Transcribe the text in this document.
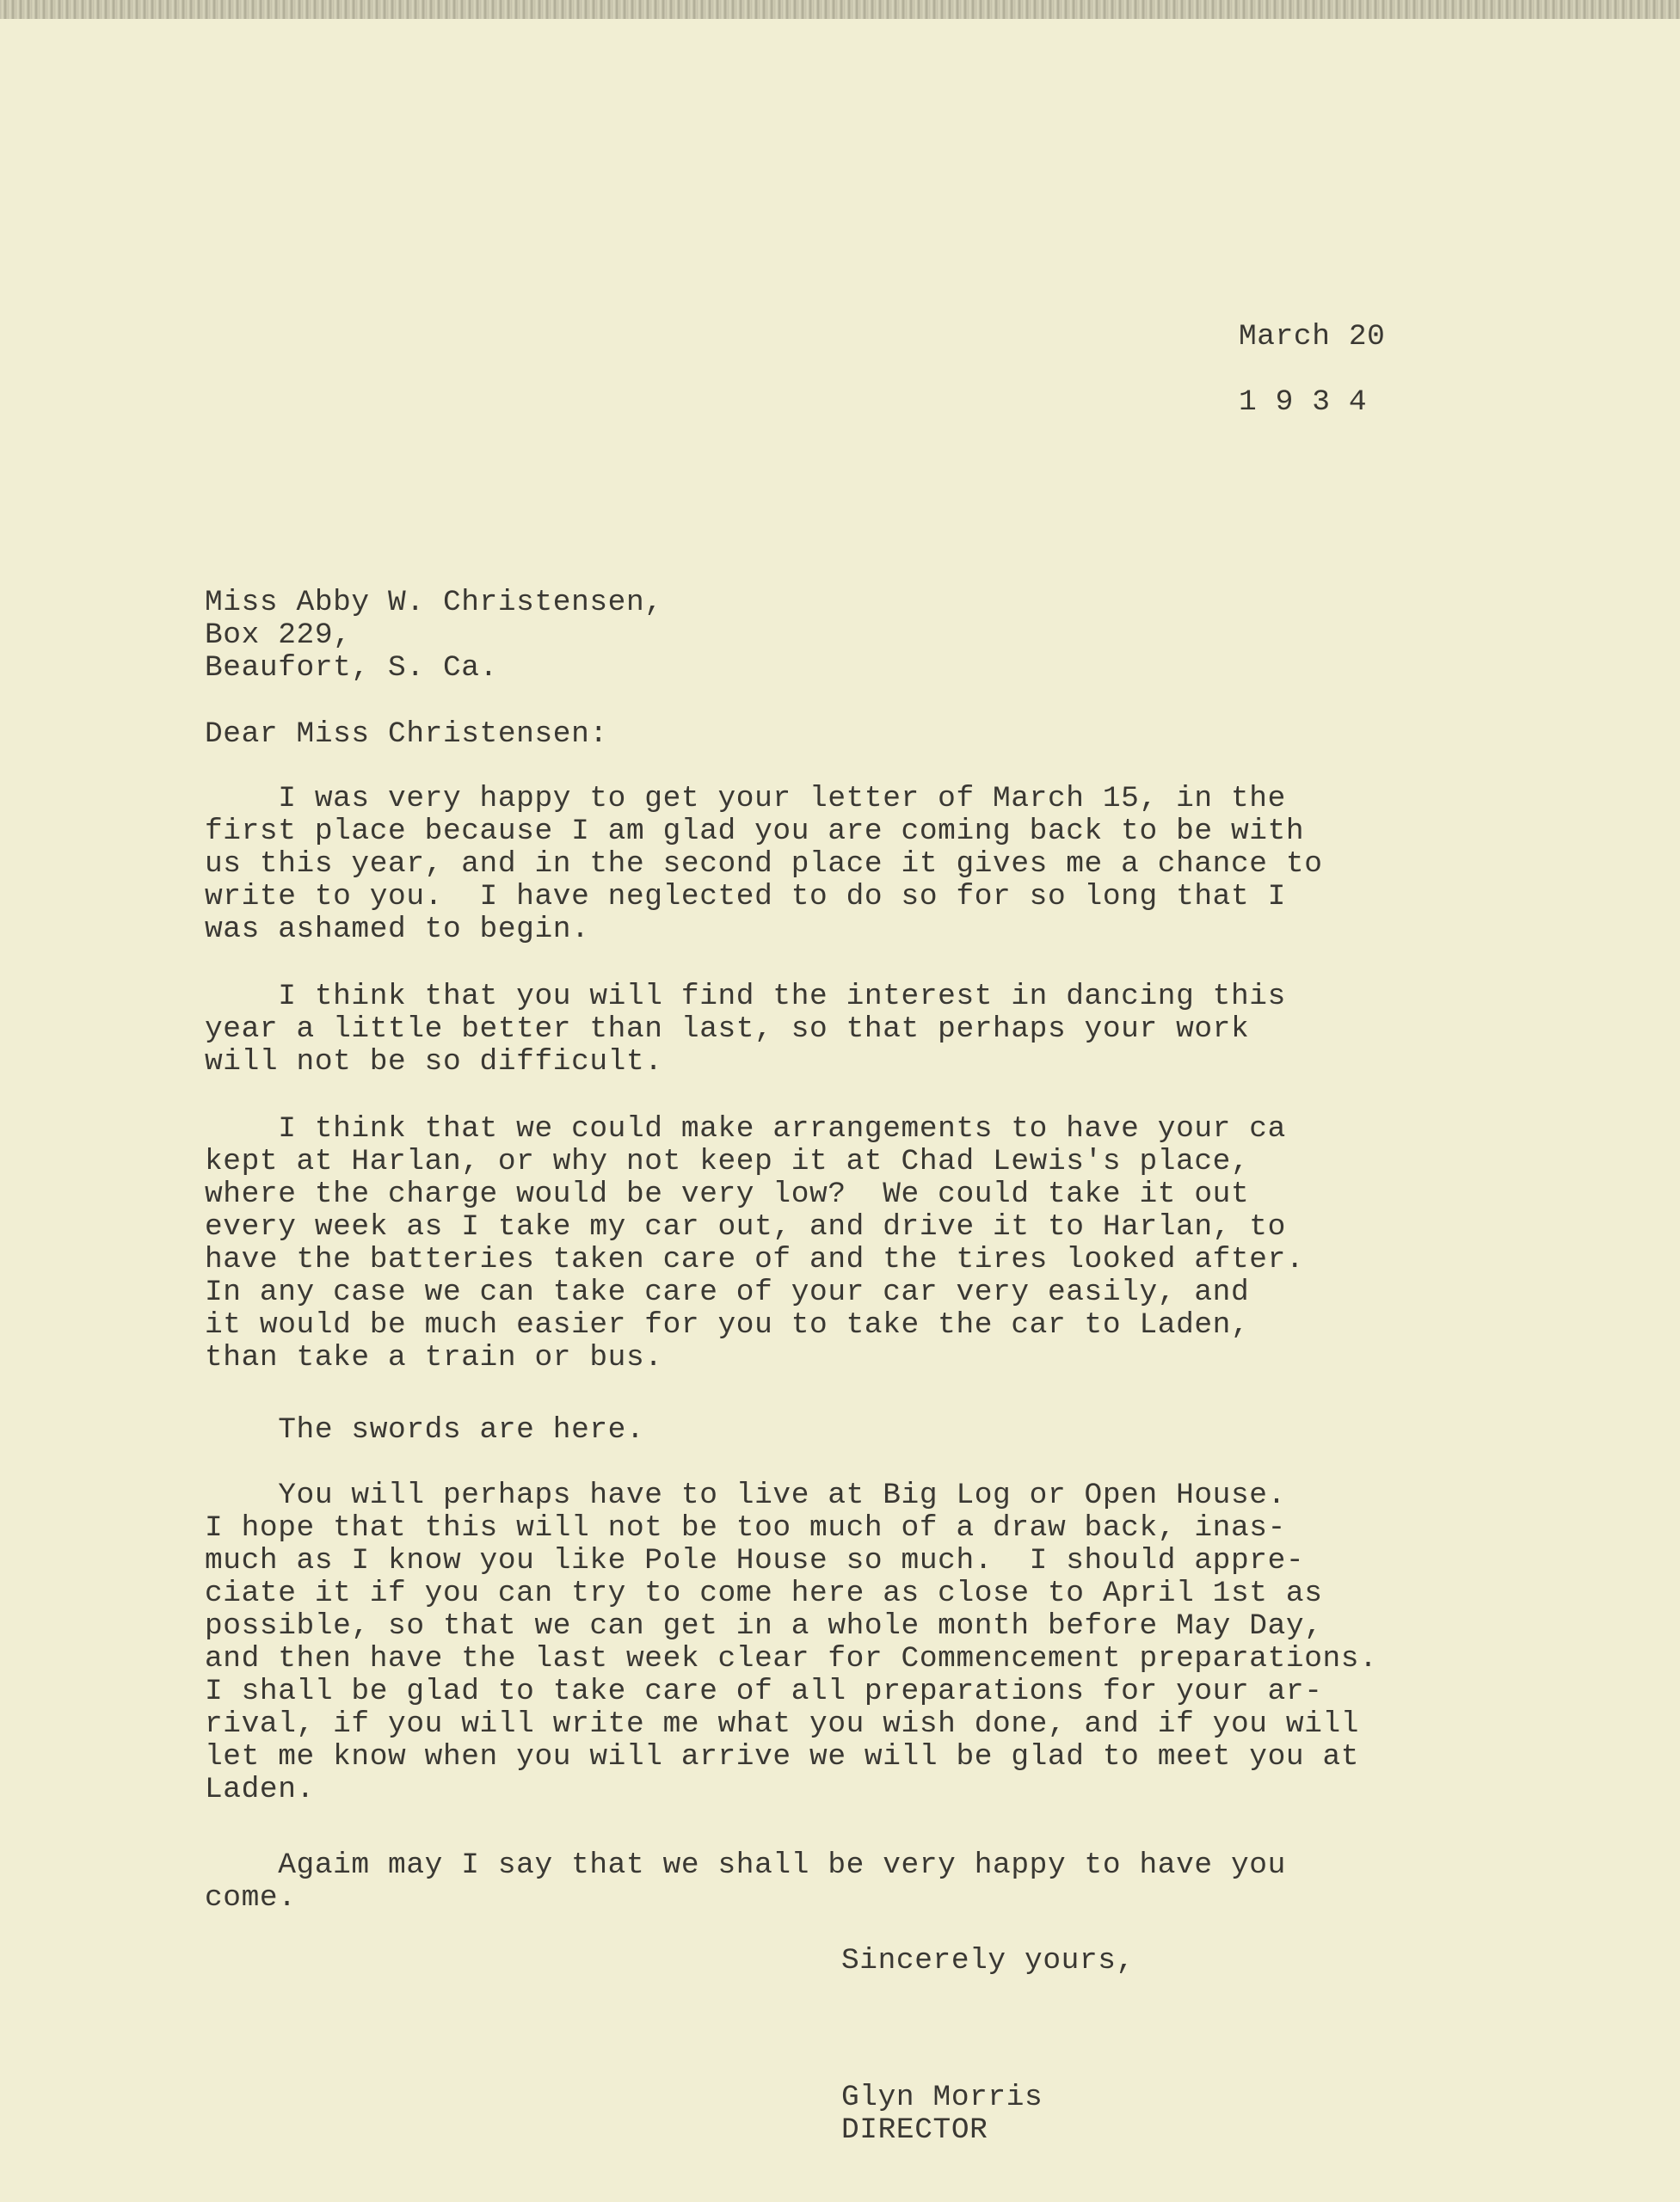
March 20
1 9 3 4
Miss Abby W. Christensen,
Box 229,
Beaufort, S. Ca.
Dear Miss Christensen:
I was very happy to get your letter of March 15, in the
first place because I am glad you are coming back to be with
us this year, and in the second place it gives me a chance to
write to you.  I have neglected to do so for so long that I
was ashamed to begin.
I think that you will find the interest in dancing this
year a little better than last, so that perhaps your work
will not be so difficult.
I think that we could make arrangements to have your ca
kept at Harlan, or why not keep it at Chad Lewis's place,
where the charge would be very low?  We could take it out
every week as I take my car out, and drive it to Harlan, to
have the batteries taken care of and the tires looked after.
In any case we can take care of your car very easily, and
it would be much easier for you to take the car to Laden,
than take a train or bus.
The swords are here.
You will perhaps have to live at Big Log or Open House.
I hope that this will not be too much of a draw back, inas-
much as I know you like Pole House so much.  I should appre-
ciate it if you can try to come here as close to April 1st as
possible, so that we can get in a whole month before May Day,
and then have the last week clear for Commencement preparations.
I shall be glad to take care of all preparations for your ar-
rival, if you will write me what you wish done, and if you will
let me know when you will arrive we will be glad to meet you at
Laden.
Agaim may I say that we shall be very happy to have you
come.
Sincerely yours,
Glyn Morris
DIRECTOR
